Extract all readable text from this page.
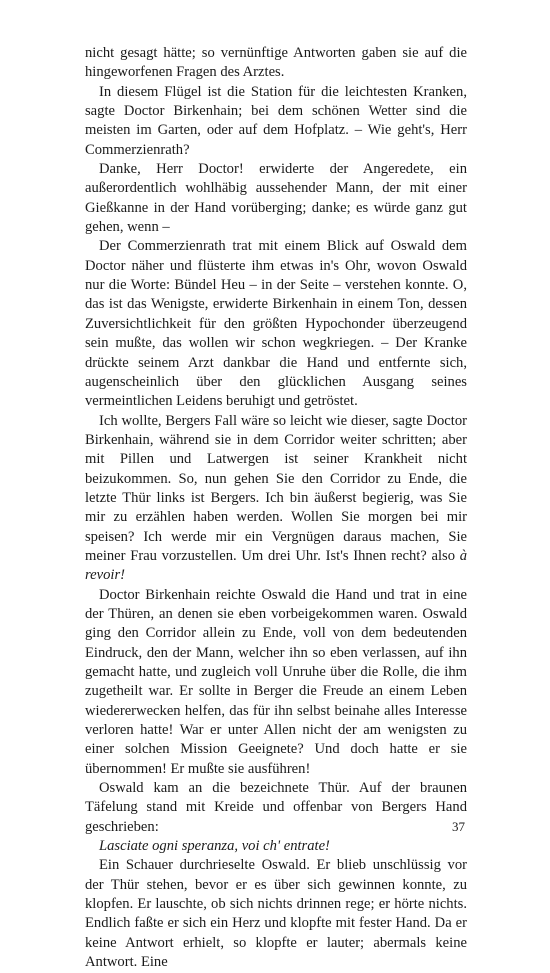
nicht gesagt hätte; so vernünftige Antworten gaben sie auf die hingeworfenen Fragen des Arztes.

In diesem Flügel ist die Station für die leichtesten Kranken, sagte Doctor Birkenhain; bei dem schönen Wetter sind die meisten im Garten, oder auf dem Hofplatz. – Wie geht's, Herr Commerzienrath?

Danke, Herr Doctor! erwiderte der Angeredete, ein außerordentlich wohlhäbig aussehender Mann, der mit einer Gießkanne in der Hand vorüberging; danke; es würde ganz gut gehen, wenn –

Der Commerzienrath trat mit einem Blick auf Oswald dem Doctor näher und flüsterte ihm etwas in's Ohr, wovon Oswald nur die Worte: Bündel Heu – in der Seite – verstehen konnte. O, das ist das Wenigste, erwiderte Birkenhain in einem Ton, dessen Zuversichtlichkeit für den größten Hypochonder überzeugend sein mußte, das wollen wir schon wegkriegen. – Der Kranke drückte seinem Arzt dankbar die Hand und entfernte sich, augenscheinlich über den glücklichen Ausgang seines vermeintlichen Leidens beruhigt und getröstet.

Ich wollte, Bergers Fall wäre so leicht wie dieser, sagte Doctor Birkenhain, während sie in dem Corridor weiter schritten; aber mit Pillen und Latwergen ist seiner Krankheit nicht beizukommen. So, nun gehen Sie den Corridor zu Ende, die letzte Thür links ist Bergers. Ich bin äußerst begierig, was Sie mir zu erzählen haben werden. Wollen Sie morgen bei mir speisen? Ich werde mir ein Vergnügen daraus machen, Sie meiner Frau vorzustellen. Um drei Uhr. Ist's Ihnen recht? also à revoir!

Doctor Birkenhain reichte Oswald die Hand und trat in eine der Thüren, an denen sie eben vorbeigekommen waren. Oswald ging den Corridor allein zu Ende, voll von dem bedeutenden Eindruck, den der Mann, welcher ihn so eben verlassen, auf ihn gemacht hatte, und zugleich voll Unruhe über die Rolle, die ihm zugetheilt war. Er sollte in Berger die Freude an einem Leben wiedererwecken helfen, das für ihn selbst beinahe alles Interesse verloren hatte! War er unter Allen nicht der am wenigsten zu einer solchen Mission Geeignete? Und doch hatte er sie übernommen! Er mußte sie ausführen!

Oswald kam an die bezeichnete Thür. Auf der braunen Täfelung stand mit Kreide und offenbar von Bergers Hand geschrieben:

Lasciate ogni speranza, voi ch' entrate!

Ein Schauer durchrieselte Oswald. Er blieb unschlüssig vor der Thür stehen, bevor er es über sich gewinnen konnte, zu klopfen. Er lauschte, ob sich nichts drinnen rege; er hörte nichts. Endlich faßte er sich ein Herz und klopfte mit fester Hand. Da er keine Antwort erhielt, so klopfte er lauter; abermals keine Antwort. Eine

37
